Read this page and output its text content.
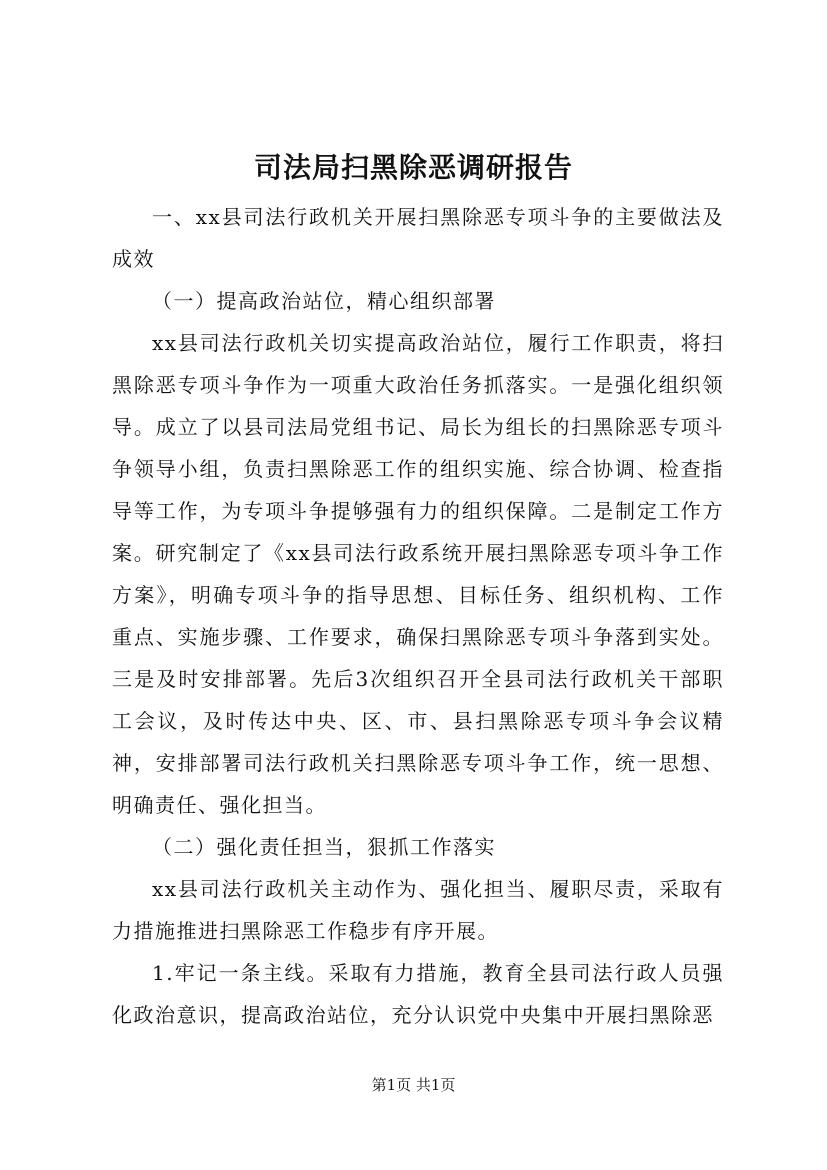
司法局扫黑除恶调研报告

一、xx县司法行政机关开展扫黑除恶专项斗争的主要做法及成效

（一）提高政治站位，精心组织部署

xx县司法行政机关切实提高政治站位，履行工作职责，将扫黑除恶专项斗争作为一项重大政治任务抓落实。一是强化组织领导。成立了以县司法局党组书记、局长为组长的扫黑除恶专项斗争领导小组，负责扫黑除恶工作的组织实施、综合协调、检查指导等工作，为专项斗争提够强有力的组织保障。二是制定工作方案。研究制定了《xx县司法行政系统开展扫黑除恶专项斗争工作方案》，明确专项斗争的指导思想、目标任务、组织机构、工作重点、实施步骤、工作要求，确保扫黑除恶专项斗争落到实处。三是及时安排部署。先后3次组织召开全县司法行政机关干部职工会议，及时传达中央、区、市、县扫黑除恶专项斗争会议精神，安排部署司法行政机关扫黑除恶专项斗争工作，统一思想、明确责任、强化担当。

（二）强化责任担当，狠抓工作落实

xx县司法行政机关主动作为、强化担当、履职尽责，采取有力措施推进扫黑除恶工作稳步有序开展。

1.牢记一条主线。采取有力措施，教育全县司法行政人员强化政治意识，提高政治站位，充分认识党中央集中开展扫黑除恶

第1页 共1页
